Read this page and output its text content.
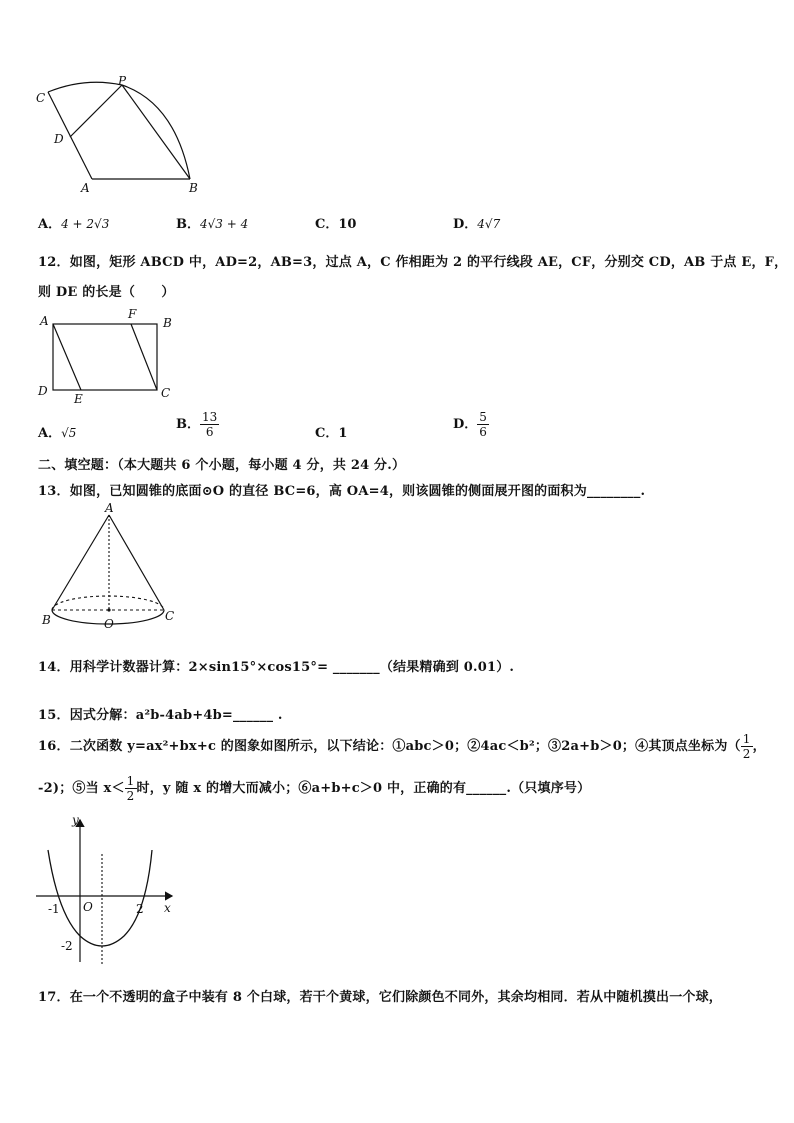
C
P
D
A	B
A．4 + 2√3	B．4√3 + 4	C．10	D．4√7
12．如图，矩形 ABCD 中，AD=2，AB=3，过点 A，C 作相距为 2 的平行线段 AE，CF，分别交 CD，AB 于点 E，F，
则 DE 的长是（　　）
A	F
B
D
E	C
A．√5
B． $\frac{13}{6}$	C．1
D． $\frac{5}{6}$
二、填空题：（本大题共 6 个小题，每小题 4 分，共 24 分.）
13．如图，已知圆锥的底面⊙O 的直径 BC=6，高 OA=4，则该圆锥的侧面展开图的面积为________.
A
B	O
C
14．用科学计数器计算：2×sin15°×cos15°= _______（结果精确到 0.01）.
15．因式分解：a²b-4ab+4b=______ .
16．二次函数 y=ax²+bx+c 的图象如图所示，以下结论：①abc＞0；②4ac＜b²；③2a+b＞0；④其顶点坐标为（ $\frac{1}{2}$ ，
-2)；⑤当 $x< \frac{1}{2}$ 时，y 随 x 的增大而减小；⑥a+b+c＞0 中，正确的有______.（只填序号）
y
x
O
-1	2
-2
17．在一个不透明的盒子中装有 8 个白球，若干个黄球，它们除颜色不同外，其余均相同．若从中随机摸出一个球，
